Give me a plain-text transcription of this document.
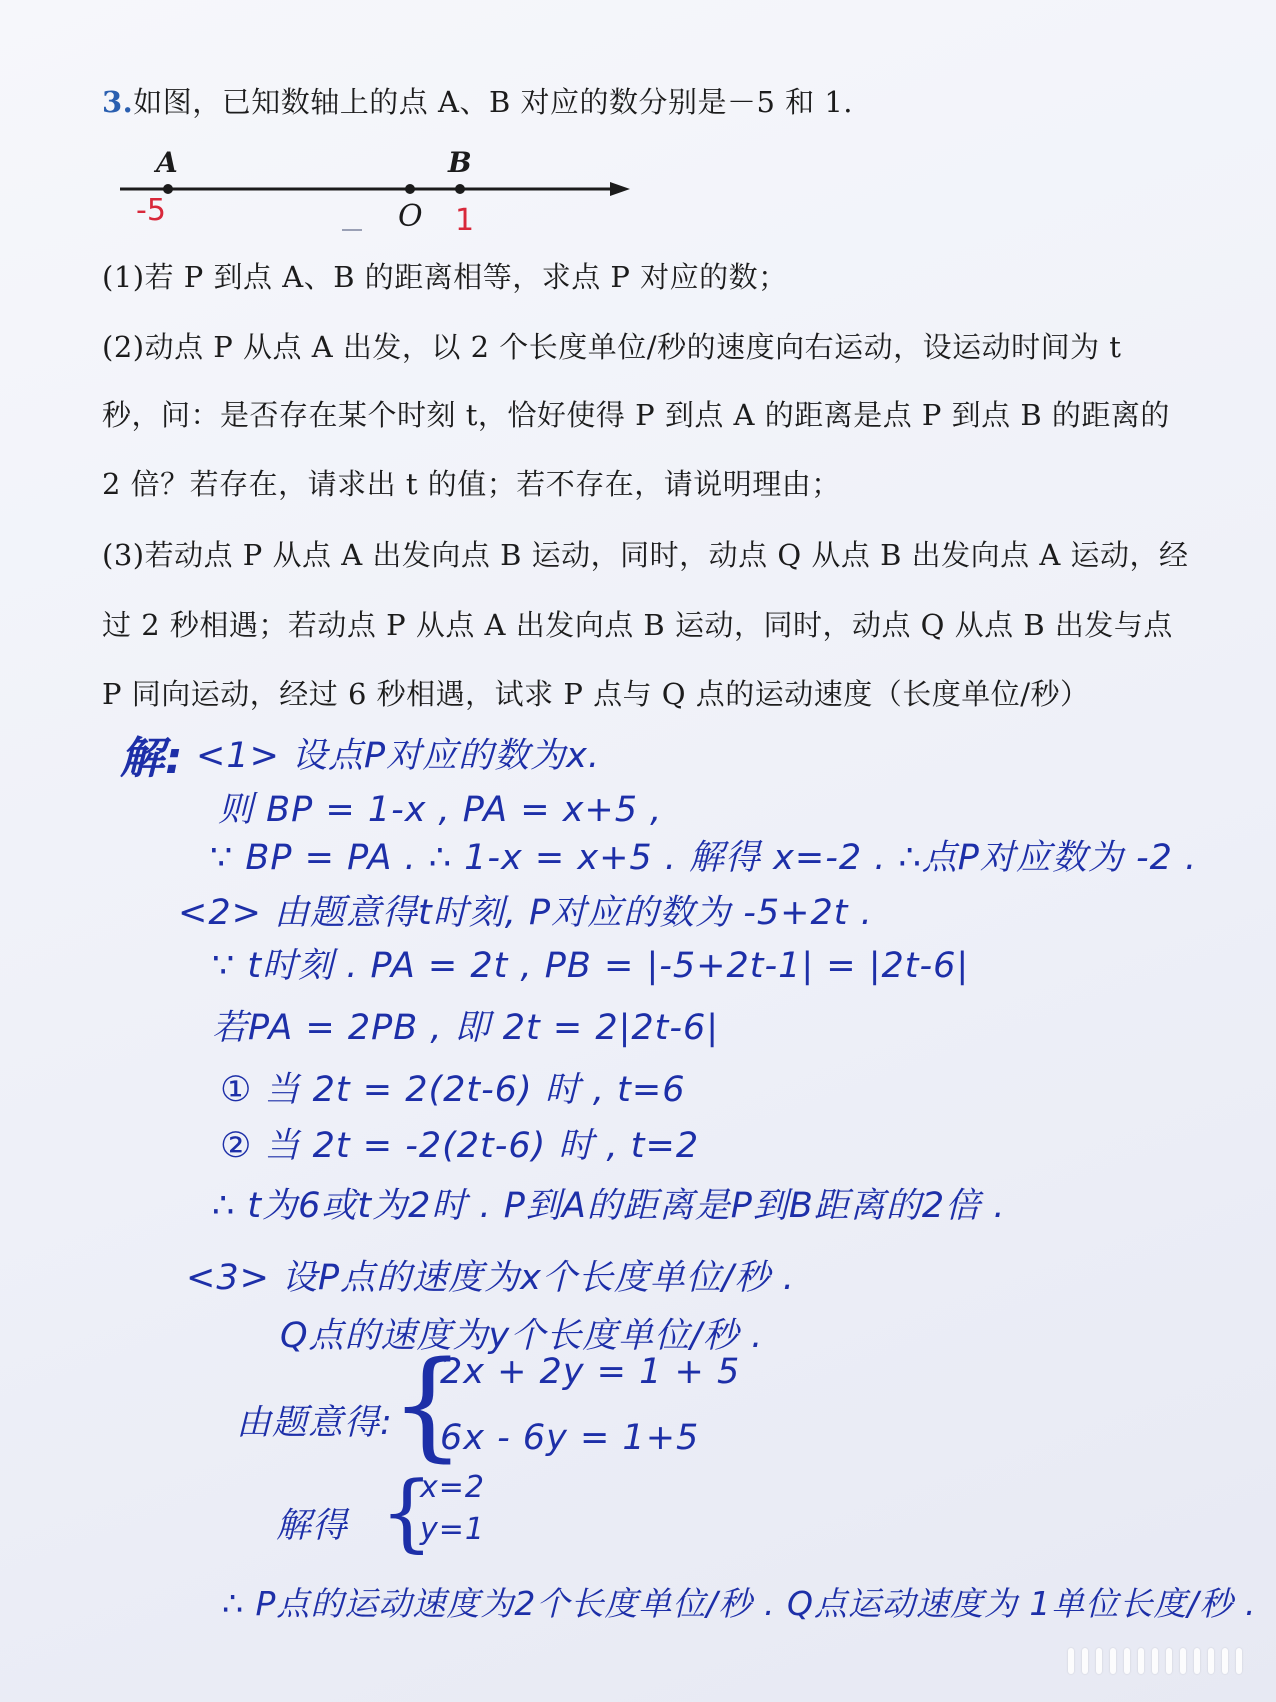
3.如图，已知数轴上的点 A、B 对应的数分别是－5 和 1.
A	B
O
-5	1
(1)若 P 到点 A、B 的距离相等，求点 P 对应的数；
(2)动点 P 从点 A 出发，以 2 个长度单位/秒的速度向右运动，设运动时间为 t
秒，问：是否存在某个时刻 t，恰好使得 P 到点 A 的距离是点 P 到点 B 的距离的
2 倍？若存在，请求出 t 的值；若不存在，请说明理由；
(3)若动点 P 从点 A 出发向点 B 运动，同时，动点 Q 从点 B 出发向点 A 运动，经
过 2 秒相遇；若动点 P 从点 A 出发向点 B 运动，同时，动点 Q 从点 B 出发与点
P 同向运动，经过 6 秒相遇，试求 P 点与 Q 点的运动速度（长度单位/秒）
解: <1> 设点P对应的数为x.
则 BP = 1-x , PA = x+5 ,
∵ BP = PA . ∴ 1-x = x+5 . 解得 x=-2 . ∴点P对应数为 -2 .
<2> 由题意得t时刻, P对应的数为 -5+2t .
∵ t时刻 . PA = 2t , PB = |-5+2t-1| = |2t-6|
若PA = 2PB , 即 2t = 2|2t-6|
① 当 2t = 2(2t-6) 时 , t=6
② 当 2t = -2(2t-6) 时 , t=2
∴ t为6或t为2时 . P到A的距离是P到B距离的2倍 .
<3> 设P点的速度为x个长度单位/秒 .
Q点的速度为y个长度单位/秒 .
由题意得:
{
2x + 2y = 1 + 5
6x - 6y = 1+5
解得 {
x=2
y=1
∴ P点的运动速度为2个长度单位/秒 . Q点运动速度为 1单位长度/秒 .
